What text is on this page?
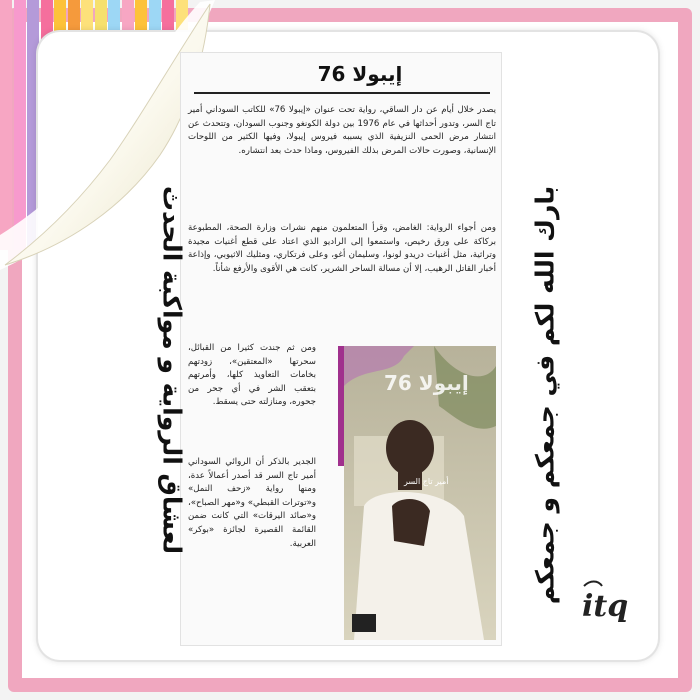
إيبولا 76

يصدر خلال أيام عن دار الساقي، رواية تحت عنوان «إيبولا 76» للكاتب السوداني أمير تاج السر، وتدور أحداثها في عام 1976 بين دولة الكونغو وجنوب السودان، وتتحدث عن انتشار مرض الحمى النزيفية الذي يسببه فيروس إيبولا، وفيها الكثير من اللوحات الإنسانية، وصورت حالات المرض بذلك الفيروس، وماذا حدث بعد انتشاره.

ومن أجواء الرواية: الغامض، وقرأ المتعلمون منهم نشرات وزارة الصحة، المطبوعة بركاكة على ورق رخيص، واستمعوا إلى الراديو الذي اعتاد على قطع أغنيات مجيدة وتراثية، مثل أغنيات دريدو لونوا، وسليمان أغو، وعلى فرتكاري، ومثليك الاثيوبي، وإذاعة أخبار القاتل الرهيب، إلا أن مسالة الساحر الشرير، كانت هي الأقوى والأرفع شأناً.

ومن ثم جندت كثيرا من القبائل، سحرتها «المعتقين»، زودتهم بخامات التعاويذ كلها، وأمرتهم بتعقب الشر في أي جحر من جحوره، ومنازلته حتى يسقط.

الجدير بالذكر أن الروائي السوداني أمير تاج السر قد أصدر أعمالاً عدة، ومنها رواية «زحف النمل» و«توترات القبطي» و«مهر الصباح»، و«صائد اليرقات» التي كانت ضمن القائمة القصيرة لجائزة «بوكر» العربية.

إيبولا 76
أمير تاج السر
لعشاق الرواية و مواكبة الحدث	بارك الله لكم في جمعكم و جمعكم
itq
